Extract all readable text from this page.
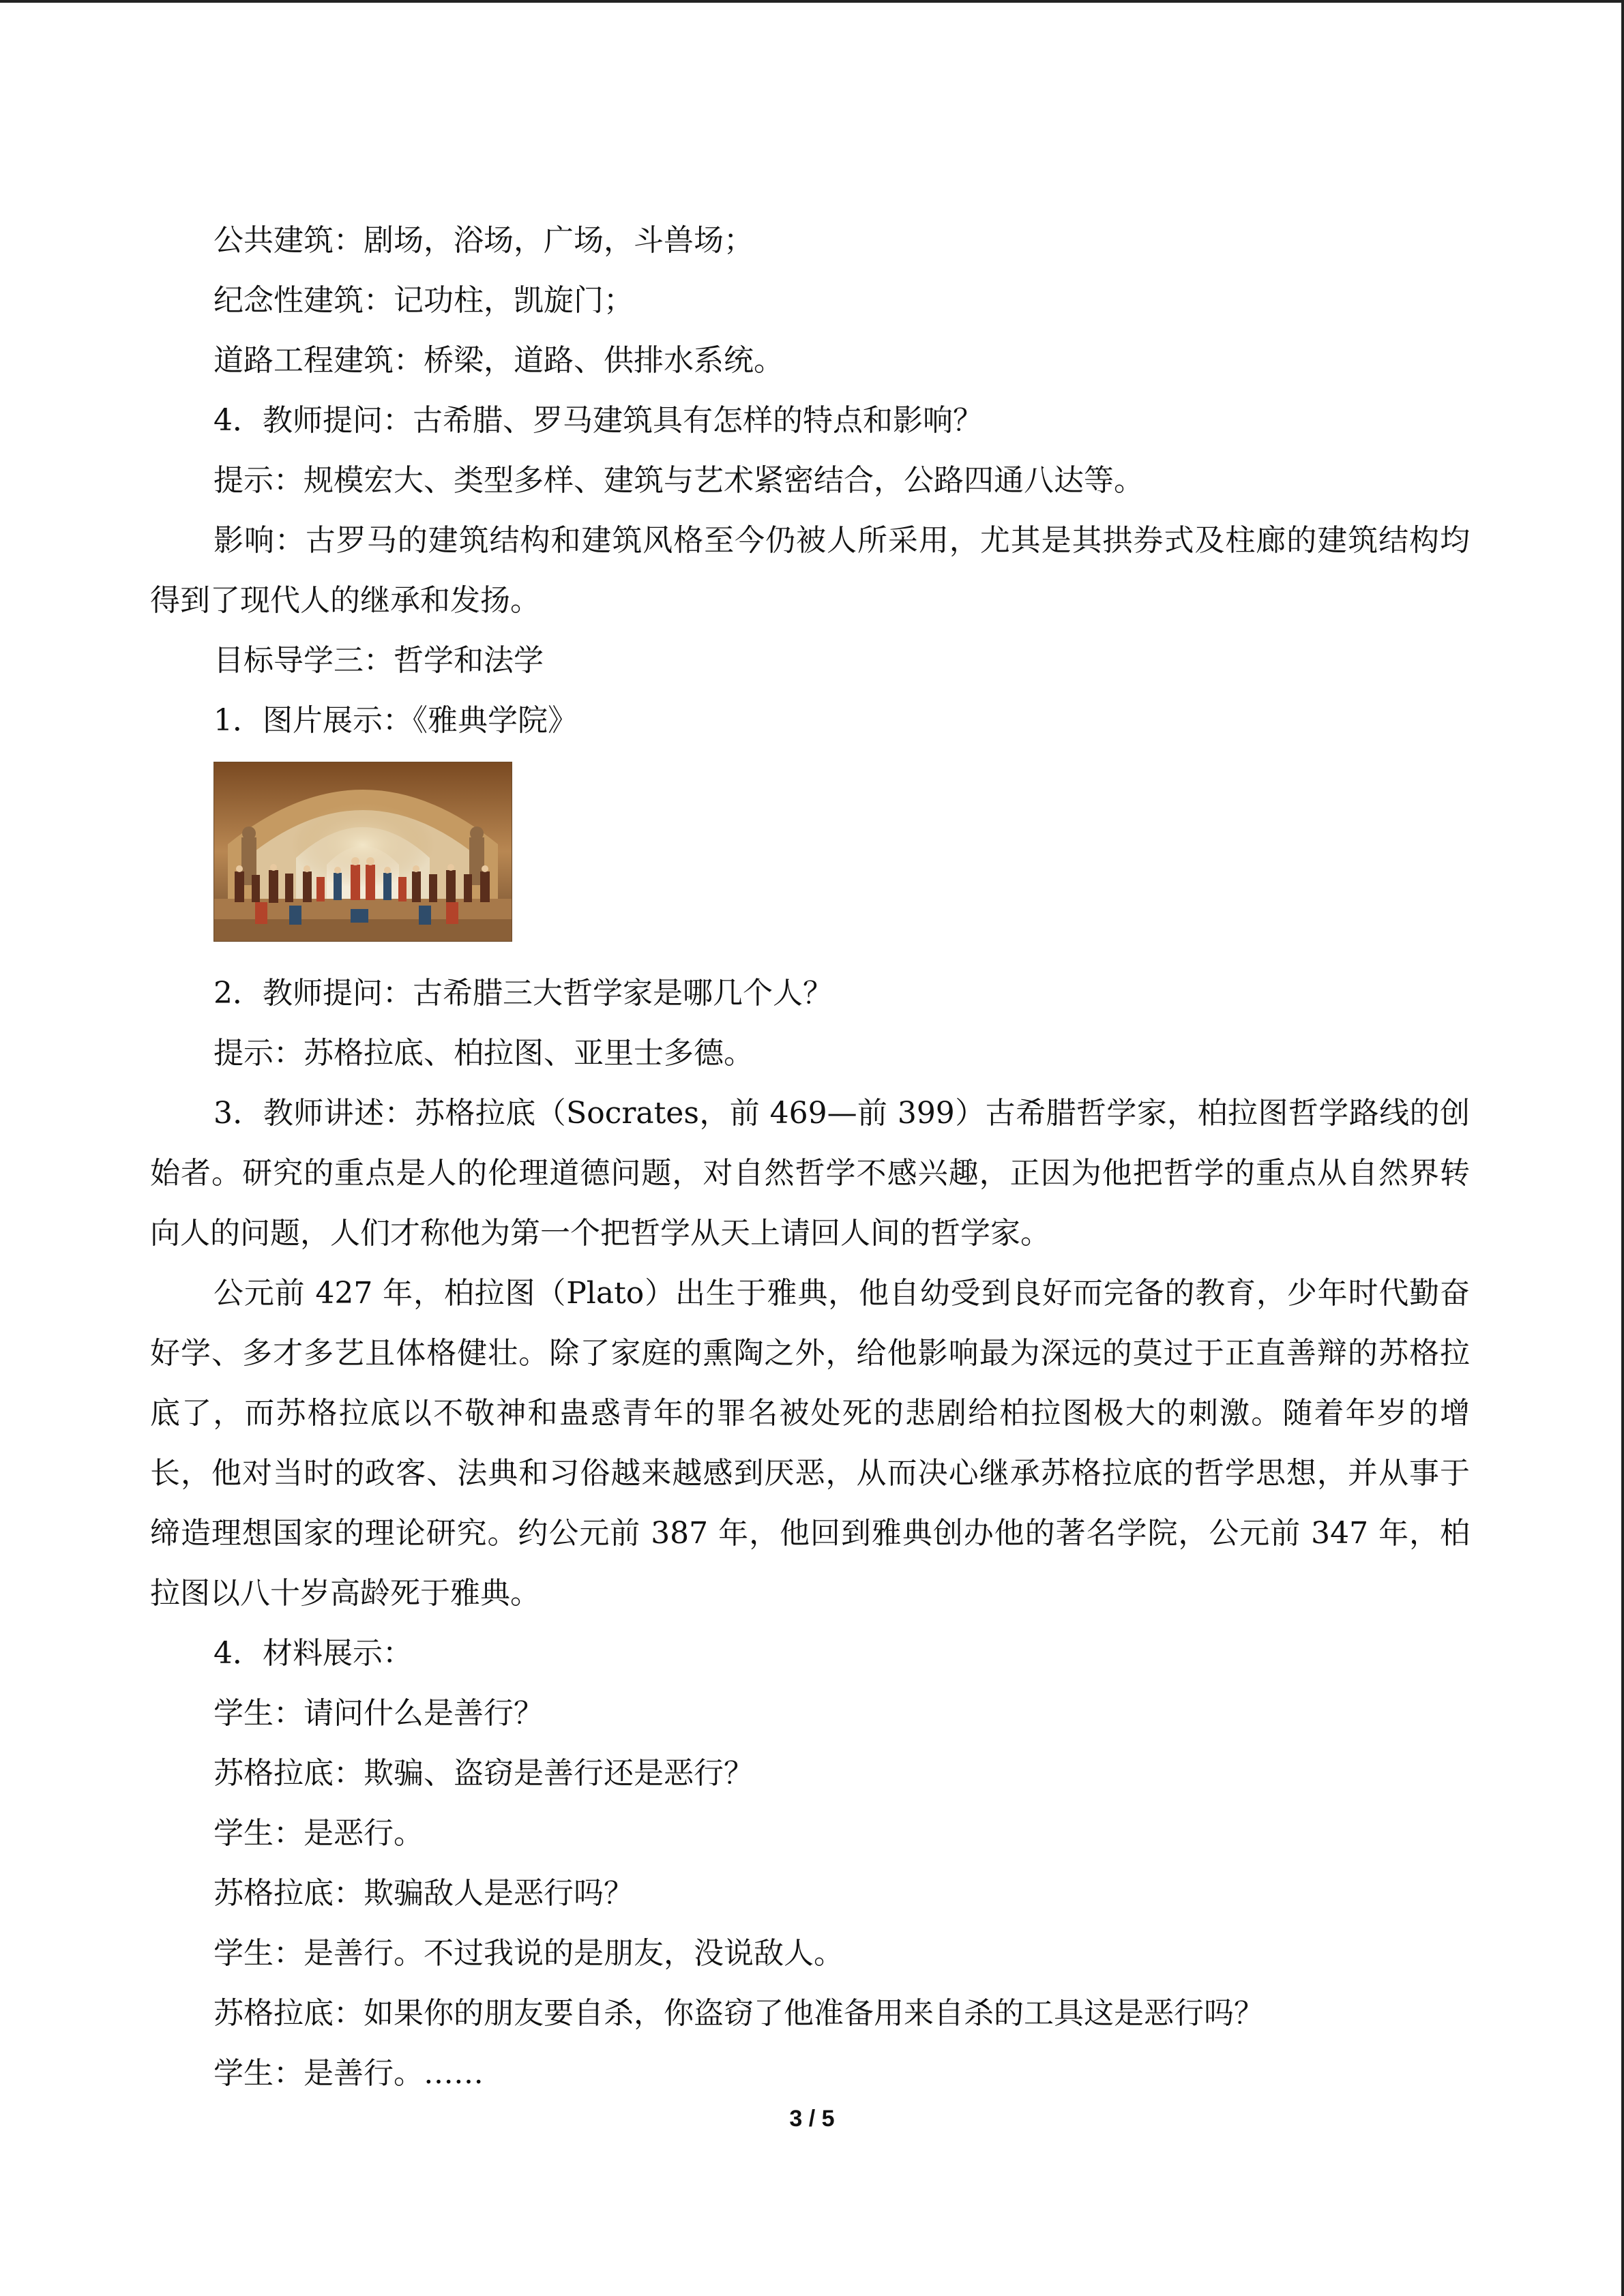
公共建筑：剧场，浴场，广场，斗兽场；

纪念性建筑：记功柱，凯旋门；

道路工程建筑：桥梁，道路、供排水系统。

4．教师提问：古希腊、罗马建筑具有怎样的特点和影响？

提示：规模宏大、类型多样、建筑与艺术紧密结合，公路四通八达等。

影响：古罗马的建筑结构和建筑风格至今仍被人所采用，尤其是其拱券式及柱廊的建筑结构均得到了现代人的继承和发扬。

目标导学三：哲学和法学

1．图片展示：《雅典学院》

2．教师提问：古希腊三大哲学家是哪几个人？

提示：苏格拉底、柏拉图、亚里士多德。

3．教师讲述：苏格拉底（Socrates，前 469—前 399）古希腊哲学家，柏拉图哲学路线的创始者。研究的重点是人的伦理道德问题，对自然哲学不感兴趣，正因为他把哲学的重点从自然界转向人的问题，人们才称他为第一个把哲学从天上请回人间的哲学家。

公元前 427 年，柏拉图（Plato）出生于雅典，他自幼受到良好而完备的教育，少年时代勤奋好学、多才多艺且体格健壮。除了家庭的熏陶之外，给他影响最为深远的莫过于正直善辩的苏格拉底了，而苏格拉底以不敬神和蛊惑青年的罪名被处死的悲剧给柏拉图极大的刺激。随着年岁的增长，他对当时的政客、法典和习俗越来越感到厌恶，从而决心继承苏格拉底的哲学思想，并从事于缔造理想国家的理论研究。约公元前 387 年，他回到雅典创办他的著名学院，公元前 347 年，柏拉图以八十岁高龄死于雅典。

4．材料展示：

学生：请问什么是善行？

苏格拉底：欺骗、盗窃是善行还是恶行？

学生：是恶行。

苏格拉底：欺骗敌人是恶行吗？

学生：是善行。不过我说的是朋友，没说敌人。

苏格拉底：如果你的朋友要自杀，你盗窃了他准备用来自杀的工具这是恶行吗？

学生：是善行。……

3 / 5
